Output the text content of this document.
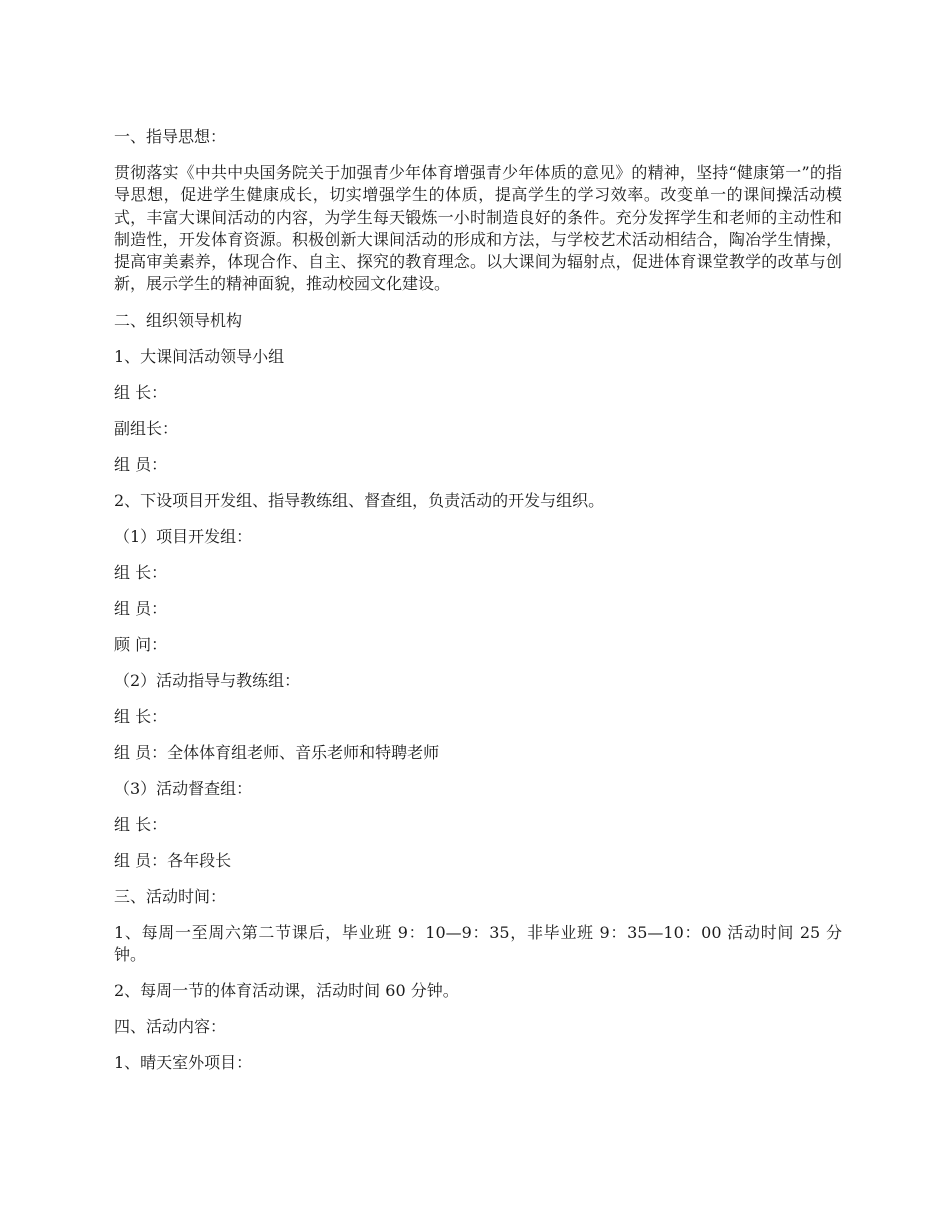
一、指导思想：

贯彻落实《中共中央国务院关于加强青少年体育增强青少年体质的意见》的精神，坚持“健康第一”的指导思想，促进学生健康成长，切实增强学生的体质，提高学生的学习效率。改变单一的课间操活动模式，丰富大课间活动的内容，为学生每天锻炼一小时制造良好的条件。充分发挥学生和老师的主动性和制造性，开发体育资源。积极创新大课间活动的形成和方法，与学校艺术活动相结合，陶冶学生情操，提高审美素养，体现合作、自主、探究的教育理念。以大课间为辐射点，促进体育课堂教学的改革与创新，展示学生的精神面貌，推动校园文化建设。

二、组织领导机构

1、大课间活动领导小组

组 长：

副组长：

组 员：

2、下设项目开发组、指导教练组、督查组，负责活动的开发与组织。

（1）项目开发组：

组 长：

组 员：

顾 问：

（2）活动指导与教练组：

组 长：

组 员：全体体育组老师、音乐老师和特聘老师

（3）活动督查组：

组 长：

组 员：各年段长

三、活动时间：

1、每周一至周六第二节课后，毕业班 9：10—9：35，非毕业班 9：35—10：00 活动时间 25 分钟。

2、每周一节的体育活动课，活动时间 60 分钟。

四、活动内容：

1、晴天室外项目：
